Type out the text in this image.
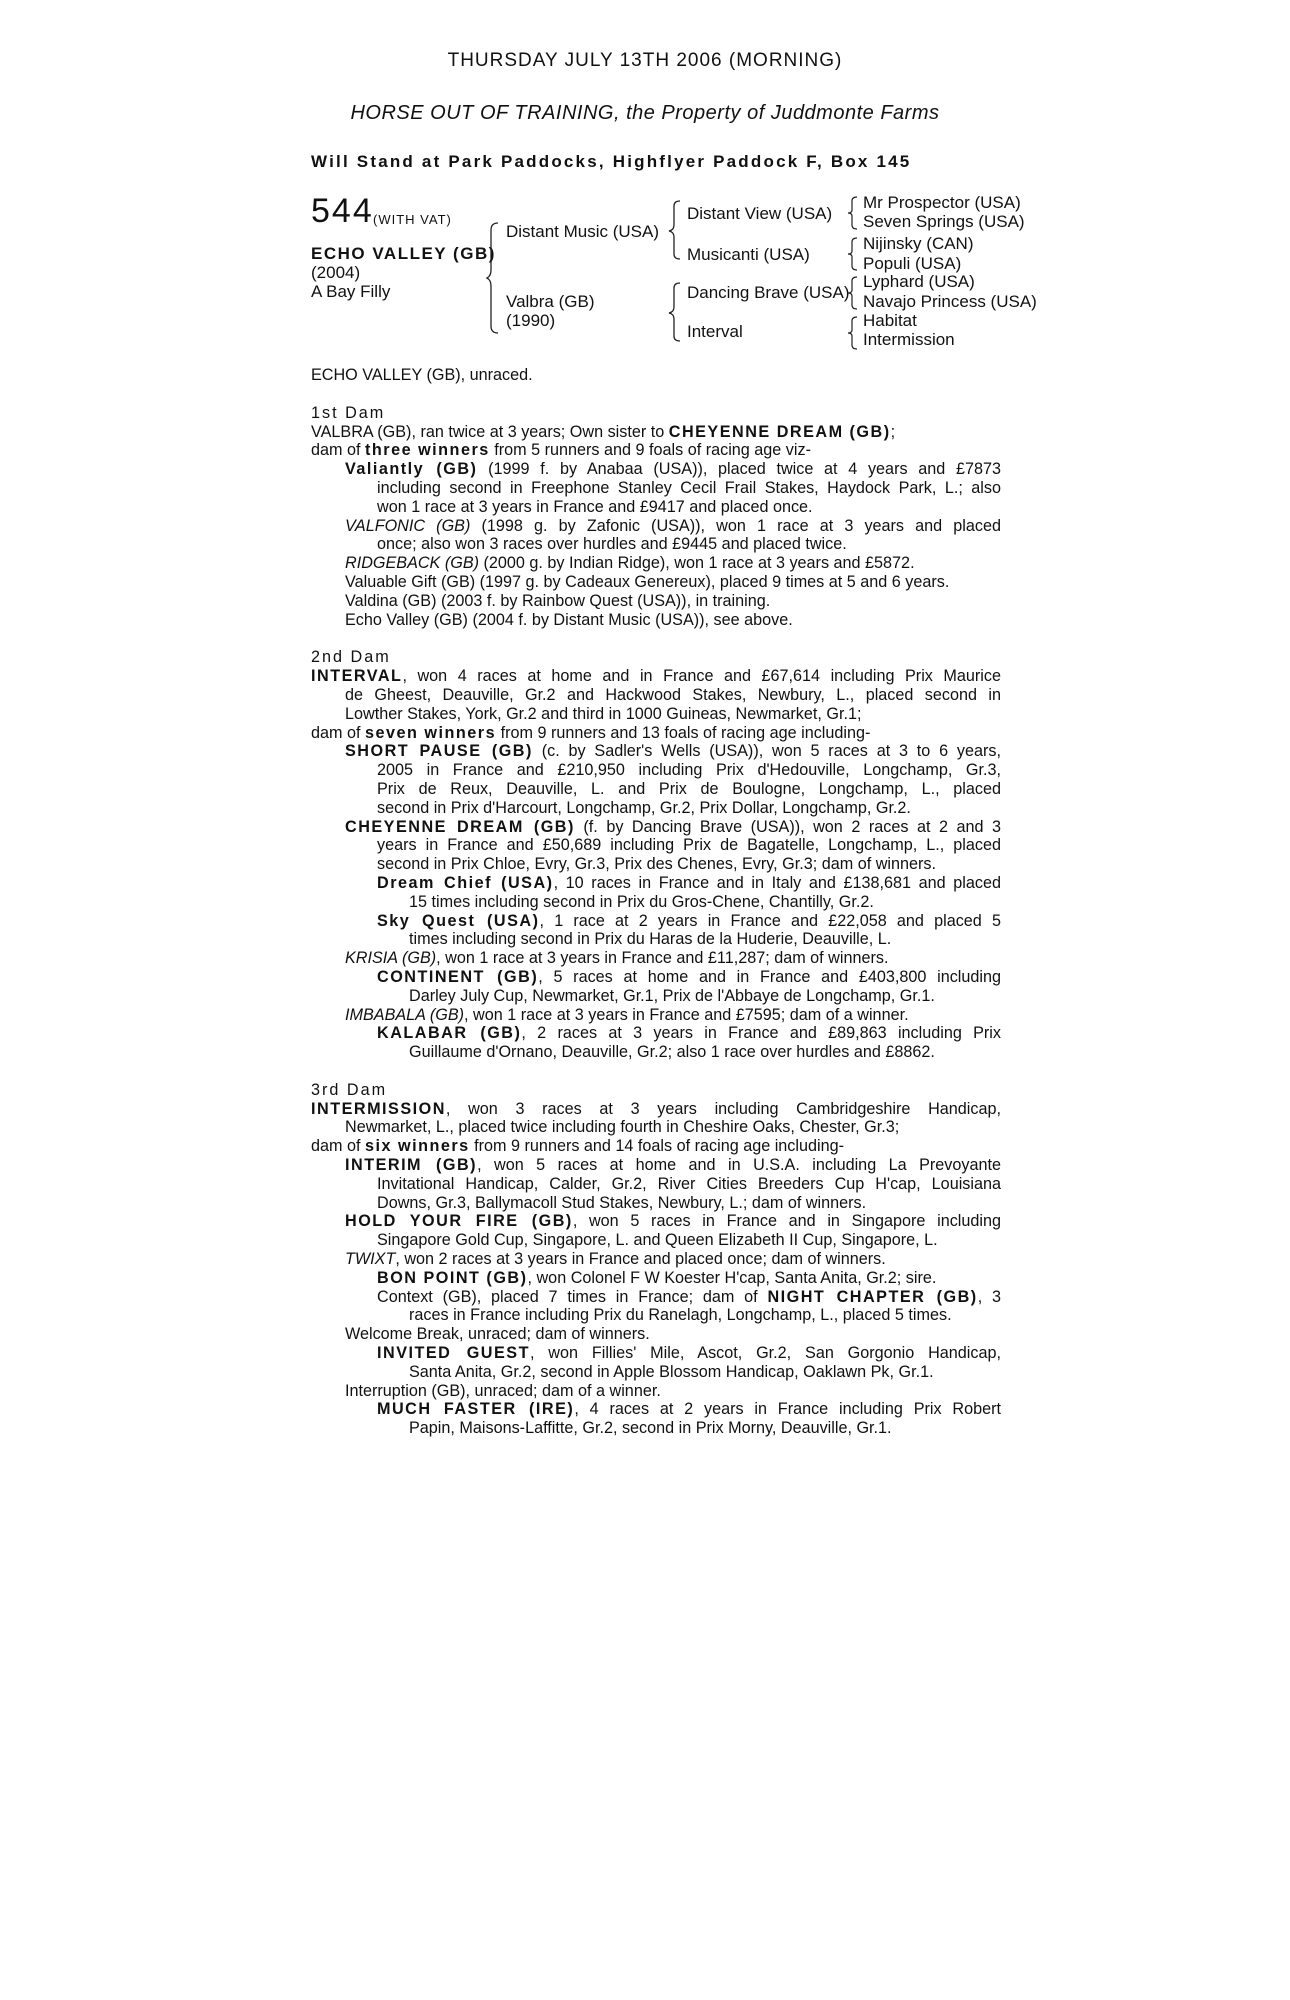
THURSDAY JULY 13TH 2006 (MORNING)
HORSE OUT OF TRAINING, the Property of Juddmonte Farms
Will Stand at Park Paddocks, Highflyer Paddock F, Box 145
544 (WITH VAT)
ECHO VALLEY (GB)
(2004)
A Bay Filly
Distant Music (USA)
Valbra (GB)
(1990)
Distant View (USA)
Musicanti (USA)
Dancing Brave (USA)
Interval
Mr Prospector (USA)
Seven Springs (USA)
Nijinsky (CAN)
Populi (USA)
Lyphard (USA)
Navajo Princess (USA)
Habitat
Intermission

ECHO VALLEY (GB), unraced.

1st Dam

VALBRA (GB), ran twice at 3 years; Own sister to CHEYENNE DREAM (GB);

dam of three winners from 5 runners and 9 foals of racing age viz-

Valiantly (GB) (1999 f. by Anabaa (USA)), placed twice at 4 years and £7873

including second in Freephone Stanley Cecil Frail Stakes, Haydock Park, L.; also

won 1 race at 3 years in France and £9417 and placed once.

VALFONIC (GB) (1998 g. by Zafonic (USA)), won 1 race at 3 years and placed

once; also won 3 races over hurdles and £9445 and placed twice.

RIDGEBACK (GB) (2000 g. by Indian Ridge), won 1 race at 3 years and £5872.

Valuable Gift (GB) (1997 g. by Cadeaux Genereux), placed 9 times at 5 and 6 years.

Valdina (GB) (2003 f. by Rainbow Quest (USA)), in training.

Echo Valley (GB) (2004 f. by Distant Music (USA)), see above.

2nd Dam

INTERVAL, won 4 races at home and in France and £67,614 including Prix Maurice

de Gheest, Deauville, Gr.2 and Hackwood Stakes, Newbury, L., placed second in

Lowther Stakes, York, Gr.2 and third in 1000 Guineas, Newmarket, Gr.1;

dam of seven winners from 9 runners and 13 foals of racing age including-

SHORT PAUSE (GB) (c. by Sadler's Wells (USA)), won 5 races at 3 to 6 years,

2005 in France and £210,950 including Prix d'Hedouville, Longchamp, Gr.3,

Prix de Reux, Deauville, L. and Prix de Boulogne, Longchamp, L., placed

second in Prix d'Harcourt, Longchamp, Gr.2, Prix Dollar, Longchamp, Gr.2.

CHEYENNE DREAM (GB) (f. by Dancing Brave (USA)), won 2 races at 2 and 3

years in France and £50,689 including Prix de Bagatelle, Longchamp, L., placed

second in Prix Chloe, Evry, Gr.3, Prix des Chenes, Evry, Gr.3; dam of winners.

Dream Chief (USA), 10 races in France and in Italy and £138,681 and placed

15 times including second in Prix du Gros-Chene, Chantilly, Gr.2.

Sky Quest (USA), 1 race at 2 years in France and £22,058 and placed 5

times including second in Prix du Haras de la Huderie, Deauville, L.

KRISIA (GB), won 1 race at 3 years in France and £11,287; dam of winners.

CONTINENT (GB), 5 races at home and in France and £403,800 including

Darley July Cup, Newmarket, Gr.1, Prix de l'Abbaye de Longchamp, Gr.1.

IMBABALA (GB), won 1 race at 3 years in France and £7595; dam of a winner.

KALABAR (GB), 2 races at 3 years in France and £89,863 including Prix

Guillaume d'Ornano, Deauville, Gr.2; also 1 race over hurdles and £8862.

3rd Dam

INTERMISSION, won 3 races at 3 years including Cambridgeshire Handicap,

Newmarket, L., placed twice including fourth in Cheshire Oaks, Chester, Gr.3;

dam of six winners from 9 runners and 14 foals of racing age including-

INTERIM (GB), won 5 races at home and in U.S.A. including La Prevoyante

Invitational Handicap, Calder, Gr.2, River Cities Breeders Cup H'cap, Louisiana

Downs, Gr.3, Ballymacoll Stud Stakes, Newbury, L.; dam of winners.

HOLD YOUR FIRE (GB), won 5 races in France and in Singapore including

Singapore Gold Cup, Singapore, L. and Queen Elizabeth II Cup, Singapore, L.

TWIXT, won 2 races at 3 years in France and placed once; dam of winners.

BON POINT (GB), won Colonel F W Koester H'cap, Santa Anita, Gr.2; sire.

Context (GB), placed 7 times in France; dam of NIGHT CHAPTER (GB), 3

races in France including Prix du Ranelagh, Longchamp, L., placed 5 times.

Welcome Break, unraced; dam of winners.

INVITED GUEST, won Fillies' Mile, Ascot, Gr.2, San Gorgonio Handicap,

Santa Anita, Gr.2, second in Apple Blossom Handicap, Oaklawn Pk, Gr.1.

Interruption (GB), unraced; dam of a winner.

MUCH FASTER (IRE), 4 races at 2 years in France including Prix Robert

Papin, Maisons-Laffitte, Gr.2, second in Prix Morny, Deauville, Gr.1.
